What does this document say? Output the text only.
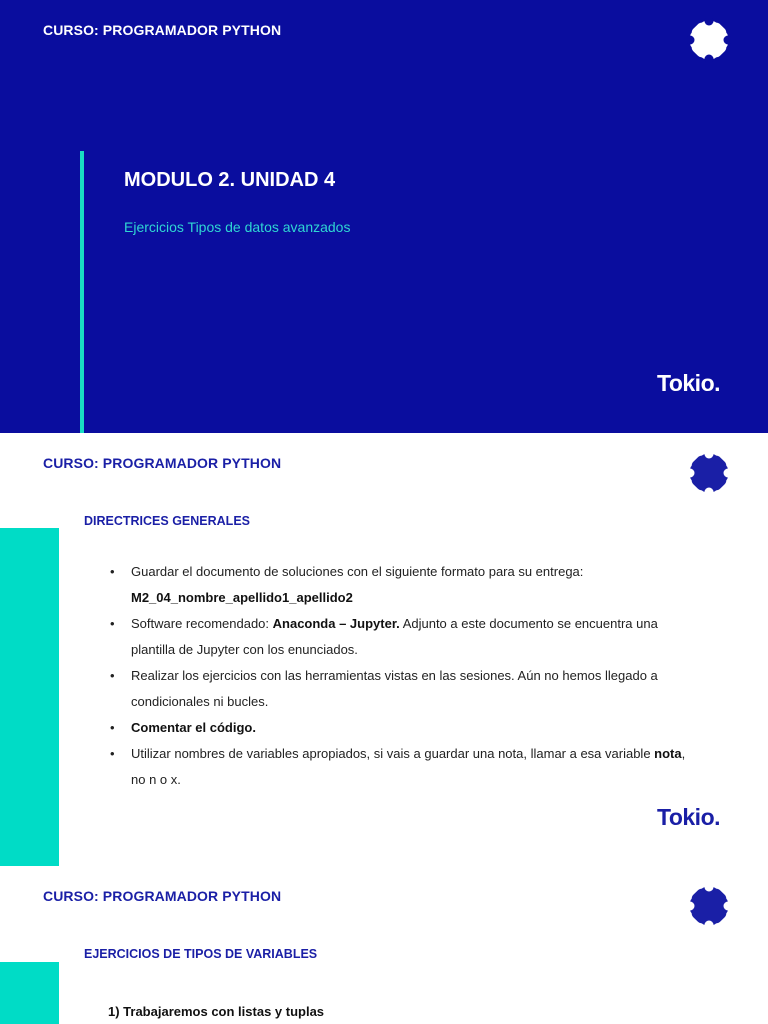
CURSO: PROGRAMADOR PYTHON
MODULO 2. UNIDAD 4
Ejercicios Tipos de datos avanzados
Tokio.
CURSO: PROGRAMADOR PYTHON
DIRECTRICES GENERALES
• Guardar el documento de soluciones con el siguiente formato para su entrega: M2_04_nombre_apellido1_apellido2
• Software recomendado: Anaconda – Jupyter. Adjunto a este documento se encuentra una plantilla de Jupyter con los enunciados.
• Realizar los ejercicios con las herramientas vistas en las sesiones. Aún no hemos llegado a condicionales ni bucles.
• Comentar el código.
• Utilizar nombres de variables apropiados, si vais a guardar una nota, llamar a esa variable nota, no n o x.
Tokio.
CURSO: PROGRAMADOR PYTHON
EJERCICIOS DE TIPOS DE VARIABLES
1) Trabajaremos con listas y tuplas
